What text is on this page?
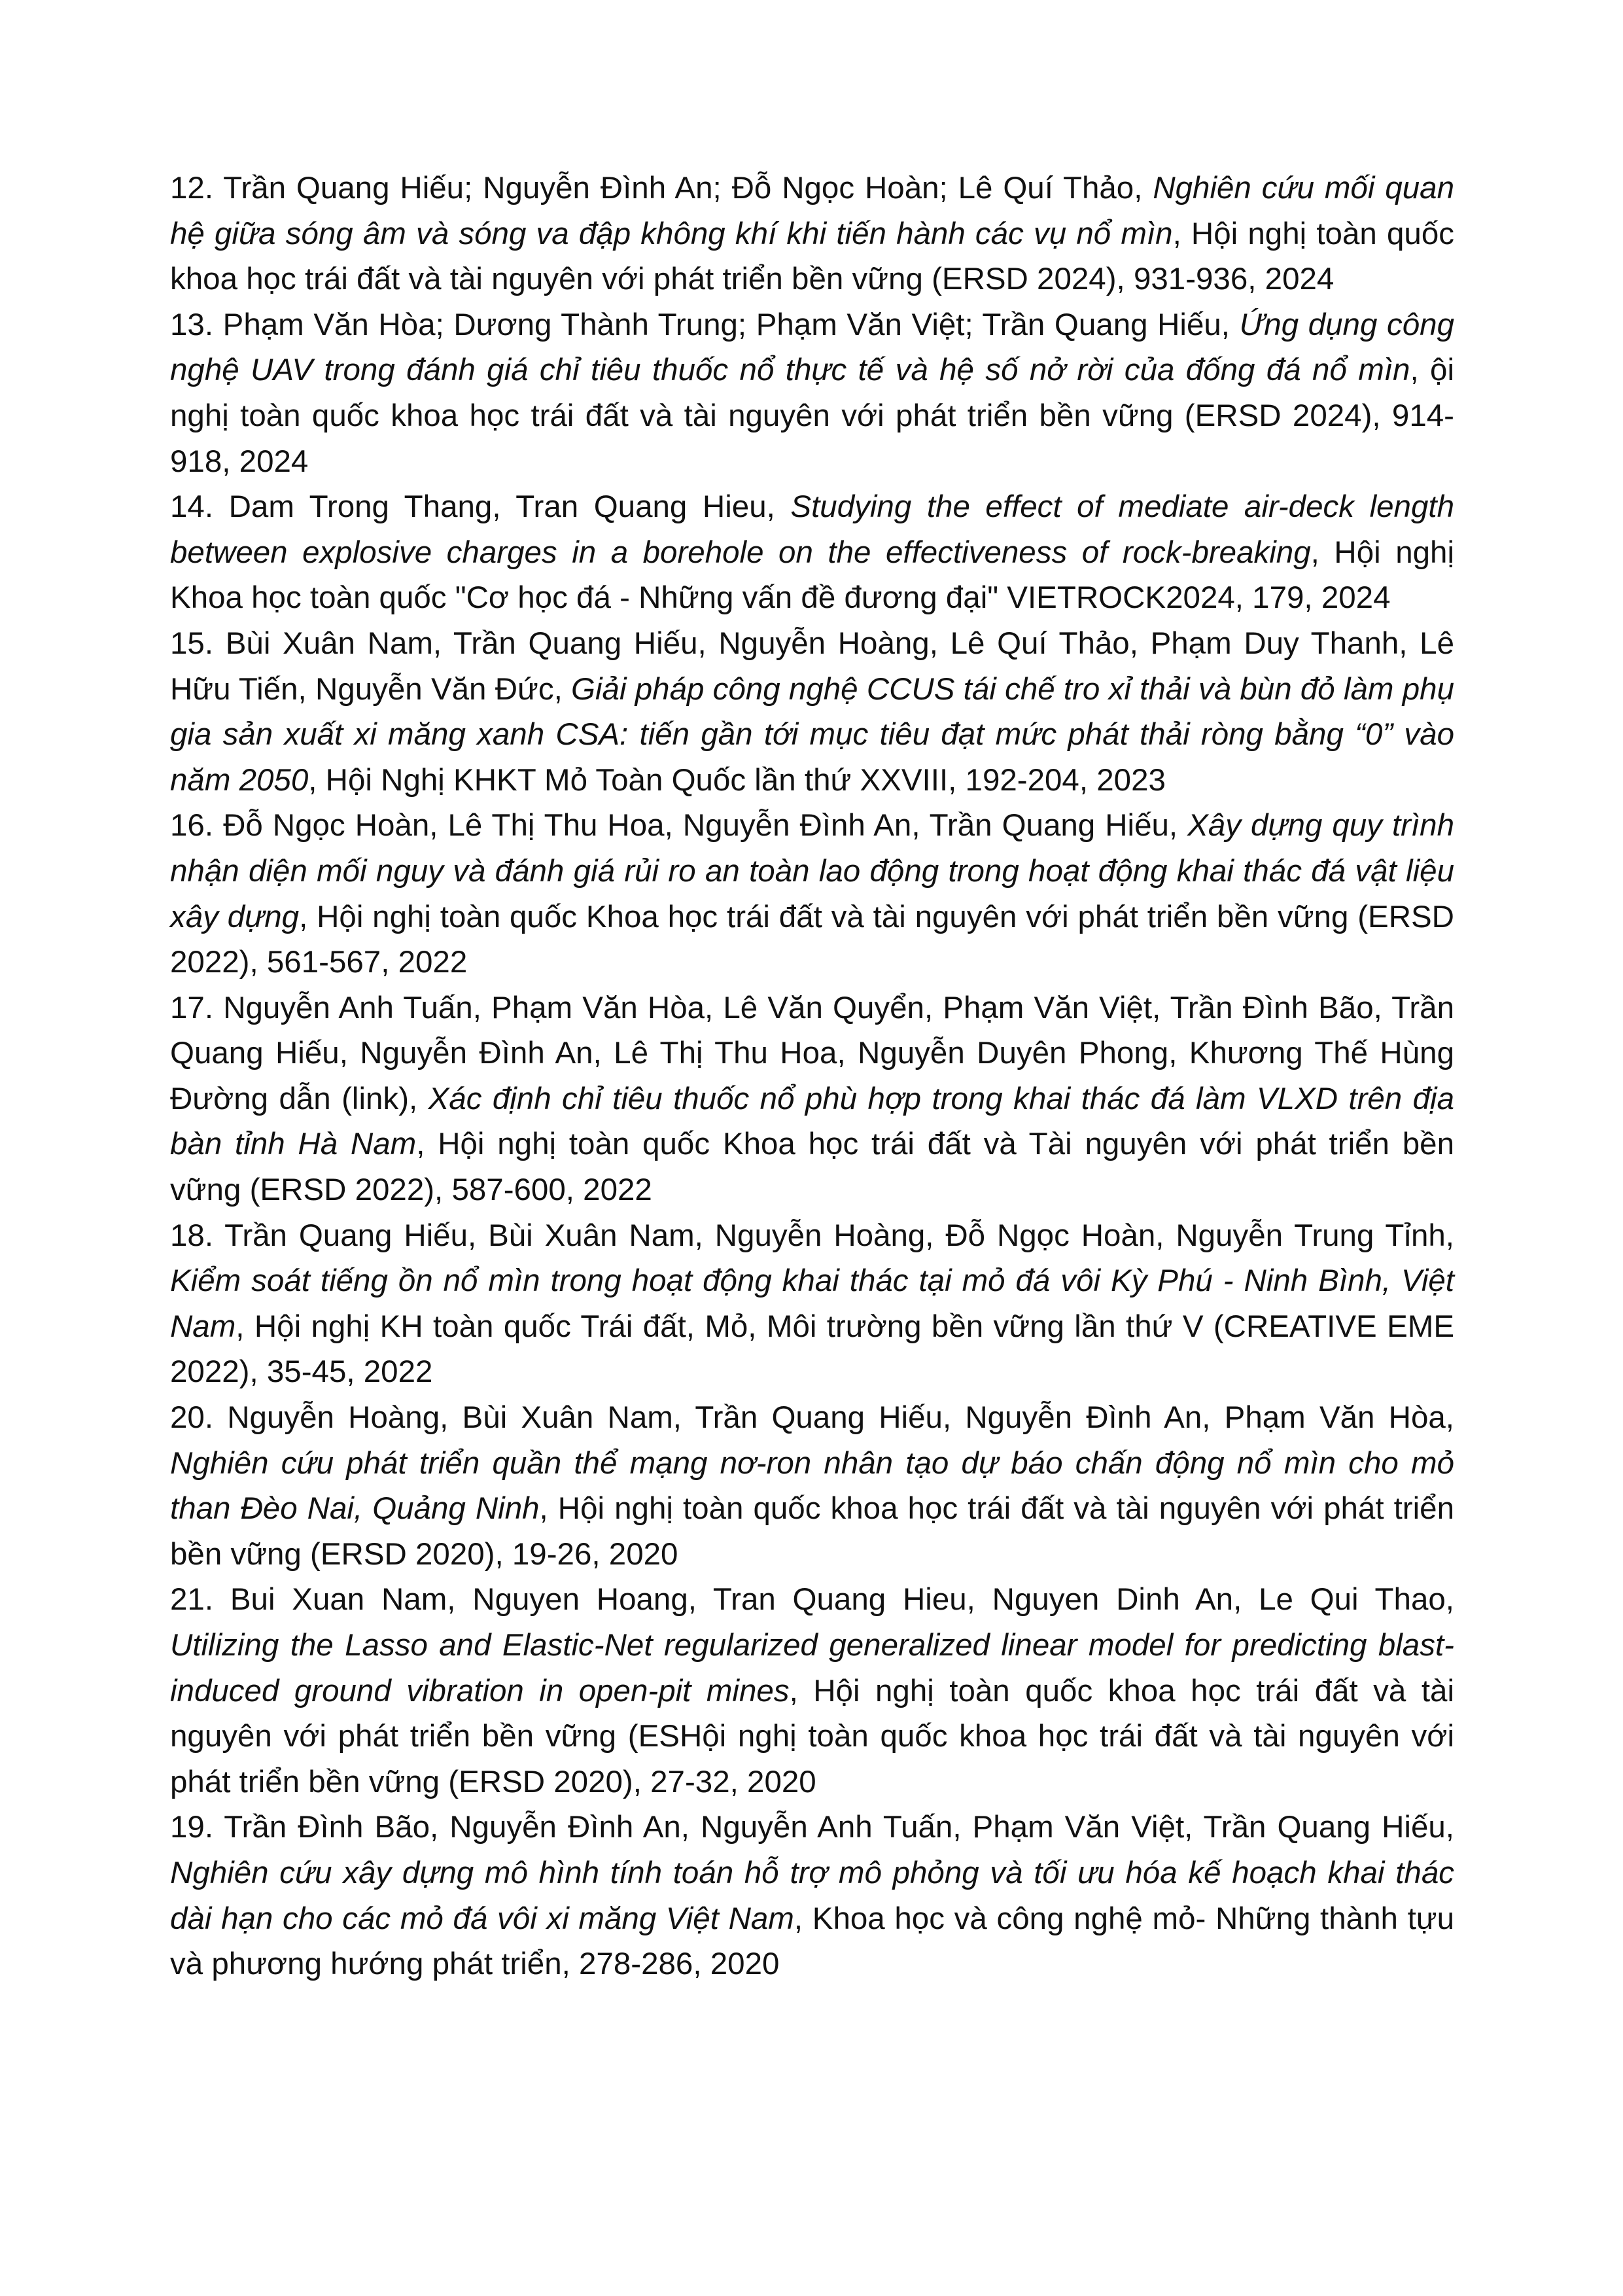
12. Trần Quang Hiếu; Nguyễn Đình An; Đỗ Ngọc Hoàn; Lê Quí Thảo, Nghiên cứu mối quan hệ giữa sóng âm và sóng va đập không khí khi tiến hành các vụ nổ mìn, Hội nghị toàn quốc khoa học trái đất và tài nguyên với phát triển bền vững (ERSD 2024), 931-936, 2024

13. Phạm Văn Hòa; Dương Thành Trung; Phạm Văn Việt; Trần Quang Hiếu, Ứng dụng công nghệ UAV trong đánh giá chỉ tiêu thuốc nổ thực tế và hệ số nở rời của đống đá nổ mìn, ội nghị toàn quốc khoa học trái đất và tài nguyên với phát triển bền vững (ERSD 2024), 914-918, 2024

14. Dam Trong Thang, Tran Quang Hieu, Studying the effect of mediate air-deck length between explosive charges in a borehole on the effectiveness of rock-breaking, Hội nghị Khoa học toàn quốc "Cơ học đá - Những vấn đề đương đại" VIETROCK2024, 179, 2024

15. Bùi Xuân Nam, Trần Quang Hiếu, Nguyễn Hoàng, Lê Quí Thảo, Phạm Duy Thanh, Lê Hữu Tiến, Nguyễn Văn Đức, Giải pháp công nghệ CCUS tái chế tro xỉ thải và bùn đỏ làm phụ gia sản xuất xi măng xanh CSA: tiến gần tới mục tiêu đạt mức phát thải ròng bằng “0” vào năm 2050, Hội Nghị KHKT Mỏ Toàn Quốc lần thứ XXVIII, 192-204, 2023

16. Đỗ Ngọc Hoàn, Lê Thị Thu Hoa, Nguyễn Đình An, Trần Quang Hiếu, Xây dựng quy trình nhận diện mối nguy và đánh giá rủi ro an toàn lao động trong hoạt động khai thác đá vật liệu xây dựng, Hội nghị toàn quốc Khoa học trái đất và tài nguyên với phát triển bền vững (ERSD 2022), 561-567, 2022

17. Nguyễn Anh Tuấn, Phạm Văn Hòa, Lê Văn Quyển, Phạm Văn Việt, Trần Đình Bão, Trần Quang Hiếu, Nguyễn Đình An, Lê Thị Thu Hoa, Nguyễn Duyên Phong, Khương Thế Hùng Đường dẫn (link), Xác định chỉ tiêu thuốc nổ phù hợp trong khai thác đá làm VLXD trên địa bàn tỉnh Hà Nam, Hội nghị toàn quốc Khoa học trái đất và Tài nguyên với phát triển bền vững (ERSD 2022), 587-600, 2022

18. Trần Quang Hiếu, Bùi Xuân Nam, Nguyễn Hoàng, Đỗ Ngọc Hoàn, Nguyễn Trung Tỉnh, Kiểm soát tiếng ồn nổ mìn trong hoạt động khai thác tại mỏ đá vôi Kỳ Phú - Ninh Bình, Việt Nam, Hội nghị KH toàn quốc Trái đất, Mỏ, Môi trường bền vững lần thứ V (CREATIVE EME 2022), 35-45, 2022

20. Nguyễn Hoàng, Bùi Xuân Nam, Trần Quang Hiếu, Nguyễn Đình An, Phạm Văn Hòa, Nghiên cứu phát triển quần thể mạng nơ-ron nhân tạo dự báo chấn động nổ mìn cho mỏ than Đèo Nai, Quảng Ninh, Hội nghị toàn quốc khoa học trái đất và tài nguyên với phát triển bền vững (ERSD 2020), 19-26, 2020

21. Bui Xuan Nam, Nguyen Hoang, Tran Quang Hieu, Nguyen Dinh An, Le Qui Thao, Utilizing the Lasso and Elastic-Net regularized generalized linear model for predicting blast-induced ground vibration in open-pit mines, Hội nghị toàn quốc khoa học trái đất và tài nguyên với phát triển bền vững (ESHội nghị toàn quốc khoa học trái đất và tài nguyên với phát triển bền vững (ERSD 2020), 27-32, 2020

19. Trần Đình Bão, Nguyễn Đình An, Nguyễn Anh Tuấn, Phạm Văn Việt, Trần Quang Hiếu, Nghiên cứu xây dựng mô hình tính toán hỗ trợ mô phỏng và tối ưu hóa kế hoạch khai thác dài hạn cho các mỏ đá vôi xi măng Việt Nam, Khoa học và công nghệ mỏ- Những thành tựu và phương hướng phát triển, 278-286, 2020
